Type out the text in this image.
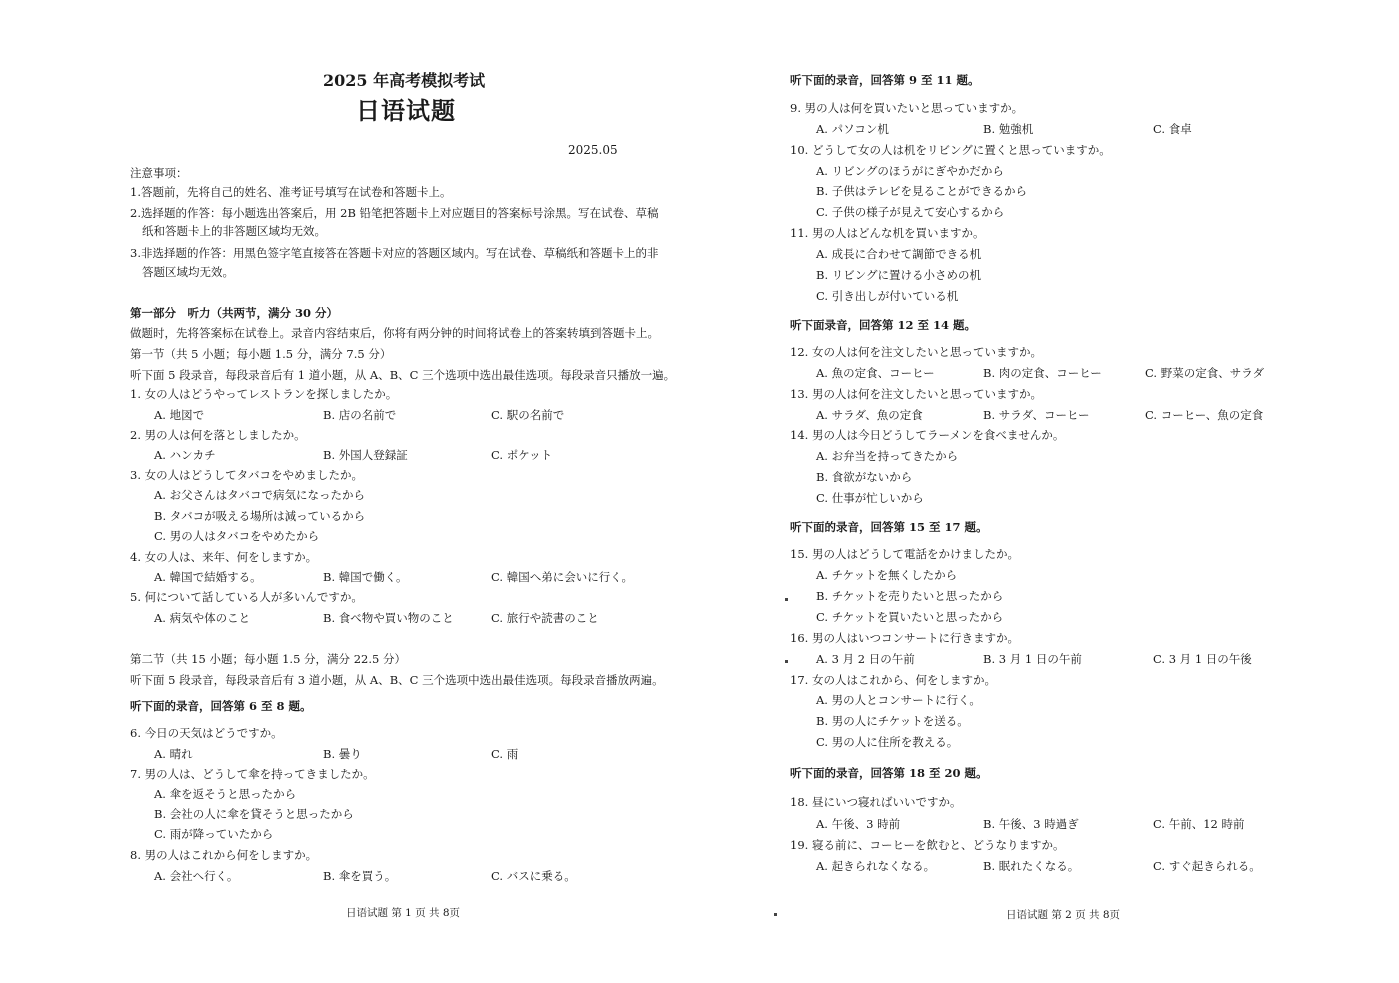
2025 年高考模拟考试
日语试题
2025.05
注意事项：
1.答题前，先将自己的姓名、准考证号填写在试卷和答题卡上。
2.选择题的作答：每小题选出答案后，用 2B 铅笔把答题卡上对应题目的答案标号涂黑。写在试卷、草稿
纸和答题卡上的非答题区域均无效。
3.非选择题的作答：用黑色签字笔直接答在答题卡对应的答题区域内。写在试卷、草稿纸和答题卡上的非
答题区域均无效。
第一部分　听力（共两节，满分 30 分）
做题时，先将答案标在试卷上。录音内容结束后，你将有两分钟的时间将试卷上的答案转填到答题卡上。
第一节（共 5 小题；每小题 1.5 分，满分 7.5 分）
听下面 5 段录音，每段录音后有 1 道小题，从 A、B、C 三个选项中选出最佳选项。每段录音只播放一遍。
1. 女の人はどうやってレストランを探しましたか。
A. 地図で	B. 店の名前で	C. 駅の名前で
2. 男の人は何を落としましたか。
A. ハンカチ	B. 外国人登録証	C. ポケット
3. 女の人はどうしてタバコをやめましたか。
A. お父さんはタバコで病気になったから
B. タバコが吸える場所は減っているから
C. 男の人はタバコをやめたから
4. 女の人は、来年、何をしますか。
A. 韓国で結婚する。	B. 韓国で働く。	C. 韓国へ弟に会いに行く。
5. 何について話している人が多いんですか。
A. 病気や体のこと	B. 食べ物や買い物のこと	C. 旅行や読書のこと
第二节（共 15 小题；每小题 1.5 分，满分 22.5 分）
听下面 5 段录音，每段录音后有 3 道小题，从 A、B、C 三个选项中选出最佳选项。每段录音播放两遍。
听下面的录音，回答第 6 至 8 题。
6. 今日の天気はどうですか。
A. 晴れ	B. 曇り	C. 雨
7. 男の人は、どうして傘を持ってきましたか。
A. 傘を返そうと思ったから
B. 会社の人に傘を貸そうと思ったから
C. 雨が降っていたから
8. 男の人はこれから何をしますか。
A. 会社へ行く。	B. 傘を買う。	C. バスに乗る。
日语试题 第 1 页 共 8页
听下面的录音，回答第 9 至 11 题。
9. 男の人は何を買いたいと思っていますか。
A. パソコン机	B. 勉強机	C. 食卓
10. どうして女の人は机をリビングに置くと思っていますか。
A. リビングのほうがにぎやかだから
B. 子供はテレビを見ることができるから
C. 子供の様子が見えて安心するから
11. 男の人はどんな机を買いますか。
A. 成長に合わせて調節できる机
B. リビングに置ける小さめの机
C. 引き出しが付いている机
听下面录音，回答第 12 至 14 题。
12. 女の人は何を注文したいと思っていますか。
A. 魚の定食、コーヒー	B. 肉の定食、コーヒー	C. 野菜の定食、サラダ
13. 男の人は何を注文したいと思っていますか。
A. サラダ、魚の定食	B. サラダ、コーヒー	C. コーヒー、魚の定食
14. 男の人は今日どうしてラーメンを食べませんか。
A. お弁当を持ってきたから
B. 食欲がないから
C. 仕事が忙しいから
听下面的录音，回答第 15 至 17 题。
15. 男の人はどうして電話をかけましたか。
A. チケットを無くしたから
B. チケットを売りたいと思ったから
C. チケットを買いたいと思ったから
16. 男の人はいつコンサートに行きますか。
A. 3 月 2 日の午前	B. 3 月 1 日の午前	C. 3 月 1 日の午後
17. 女の人はこれから、何をしますか。
A. 男の人とコンサートに行く。
B. 男の人にチケットを送る。
C. 男の人に住所を教える。
听下面的录音，回答第 18 至 20 题。
18. 昼にいつ寝ればいいですか。
A. 午後、3 時前	B. 午後、3 時過ぎ	C. 午前、12 時前
19. 寝る前に、コーヒーを飲むと、どうなりますか。
A. 起きられなくなる。	B. 眠れたくなる。	C. すぐ起きられる。
日语试题 第 2 页 共 8页
